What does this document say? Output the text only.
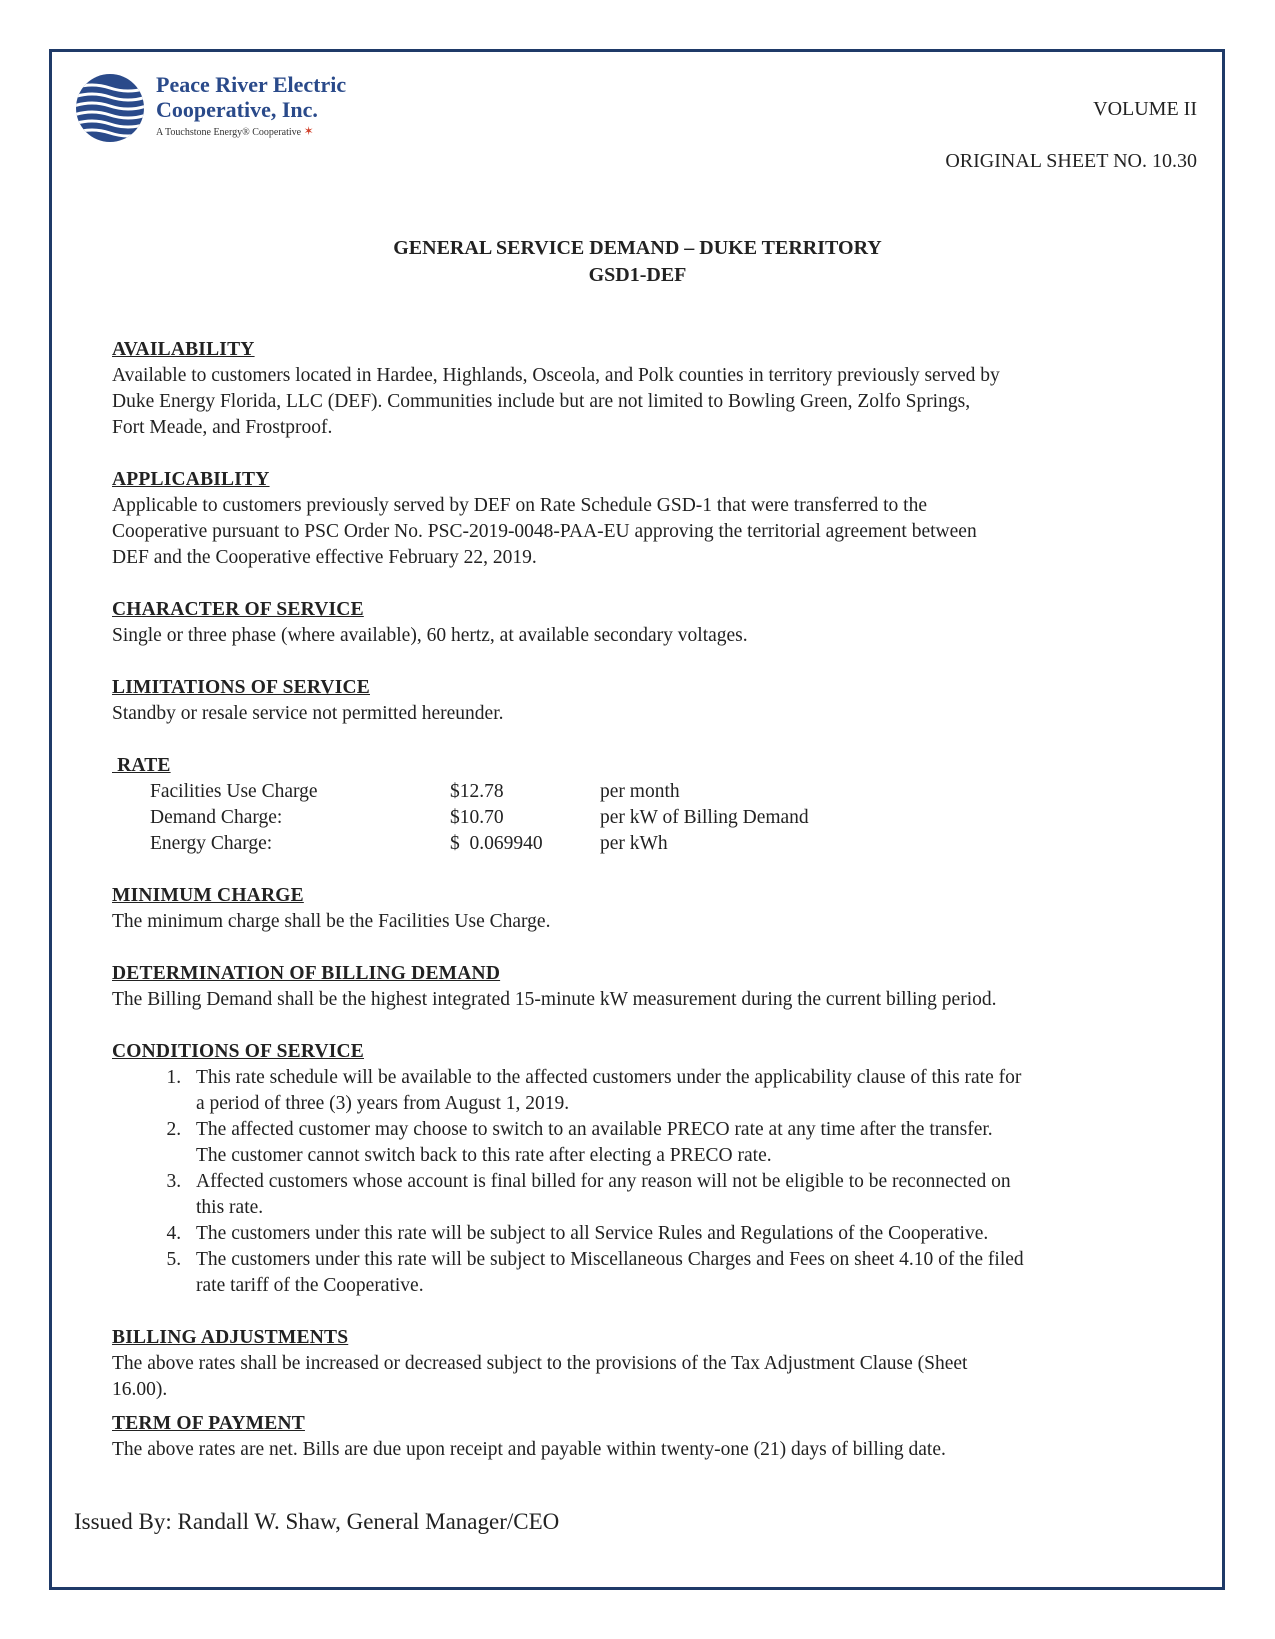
Peace River Electric
Cooperative, Inc.
A Touchstone Energy® Cooperative ✶
VOLUME II
ORIGINAL SHEET NO. 10.30
GENERAL SERVICE DEMAND – DUKE TERRITORY
GSD1-DEF
AVAILABILITY
Available to customers located in Hardee, Highlands, Osceola, and Polk counties in territory previously served by
Duke Energy Florida, LLC (DEF). Communities include but are not limited to Bowling Green, Zolfo Springs,
Fort Meade, and Frostproof.
APPLICABILITY
Applicable to customers previously served by DEF on Rate Schedule GSD-1 that were transferred to the
Cooperative pursuant to PSC Order No. PSC-2019-0048-PAA-EU approving the territorial agreement between
DEF and the Cooperative effective February 22, 2019.
CHARACTER OF SERVICE
Single or three phase (where available), 60 hertz, at available secondary voltages.
LIMITATIONS OF SERVICE
Standby or resale service not permitted hereunder.
RATE
Facilities Use Charge	$12.78	per month
Demand Charge:	$10.70	per kW of Billing Demand
Energy Charge:	$  0.069940	per kWh
MINIMUM CHARGE
The minimum charge shall be the Facilities Use Charge.
DETERMINATION OF BILLING DEMAND
The Billing Demand shall be the highest integrated 15-minute kW measurement during the current billing period.
CONDITIONS OF SERVICE
1. This rate schedule will be available to the affected customers under the applicability clause of this rate for
a period of three (3) years from August 1, 2019.
2. The affected customer may choose to switch to an available PRECO rate at any time after the transfer.
The customer cannot switch back to this rate after electing a PRECO rate.
3. Affected customers whose account is final billed for any reason will not be eligible to be reconnected on
this rate.
4. The customers under this rate will be subject to all Service Rules and Regulations of the Cooperative.
5. The customers under this rate will be subject to Miscellaneous Charges and Fees on sheet 4.10 of the filed
rate tariff of the Cooperative.
BILLING ADJUSTMENTS
The above rates shall be increased or decreased subject to the provisions of the Tax Adjustment Clause (Sheet
16.00).
TERM OF PAYMENT
The above rates are net. Bills are due upon receipt and payable within twenty-one (21) days of billing date.
Issued By: Randall W. Shaw, General Manager/CEO
